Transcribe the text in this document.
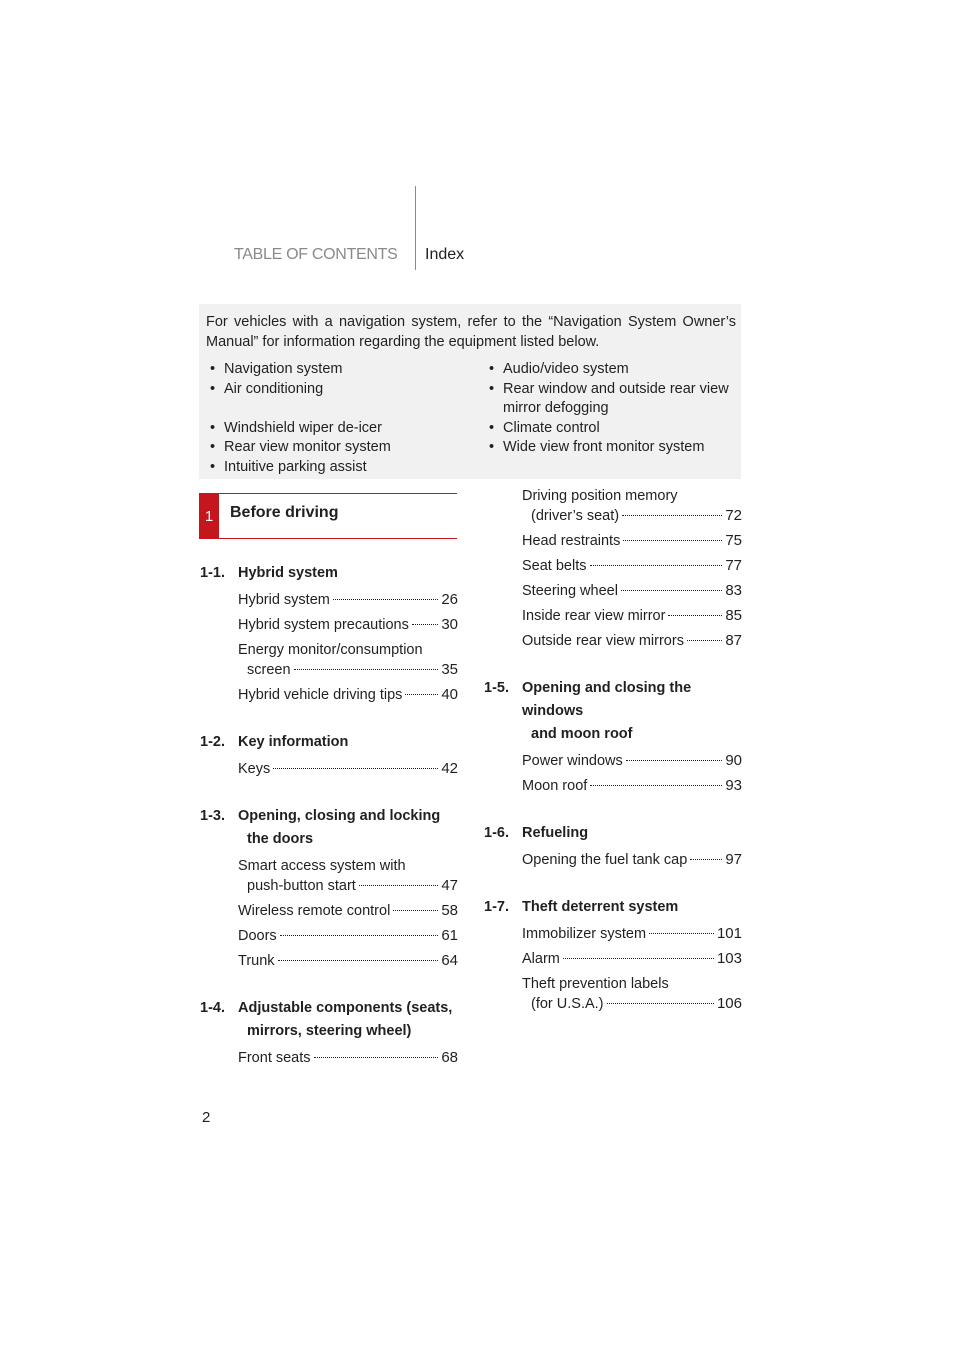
TABLE OF CONTENTS Index

For vehicles with a navigation system, refer to the “Navigation System Owner’s Manual” for information regarding the equipment listed below.

• Navigation system
• Air conditioning
• Windshield wiper de-icer
• Rear view monitor system
• Intuitive parking assist
• Audio/video system
• Rear window and outside rear view mirror defogging
• Climate control
• Wide view front monitor system
1	Before driving
1-1. Hybrid system
Hybrid system	26
Hybrid system precautions 30
Energy monitor/consumption
screen	35
Hybrid vehicle driving tips	40
1-2. Key information
Keys	42
1-3. Opening, closing and locking
the doors
Smart access system with
push-button start	47
Wireless remote control	58
Doors	61
Trunk	64
1-4. Adjustable components (seats,
mirrors, steering wheel)
Front seats	68
Driving position memory
(driver’s seat)	72
Head restraints	75
Seat belts	77
Steering wheel	83
Inside rear view mirror	85
Outside rear view mirrors	87
1-5. Opening and closing the windows
and moon roof
Power windows	90
Moon roof	93
1-6. Refueling
Opening the fuel tank cap	97
1-7. Theft deterrent system
Immobilizer system	101
Alarm	103
Theft prevention labels
(for U.S.A.)	106
2
